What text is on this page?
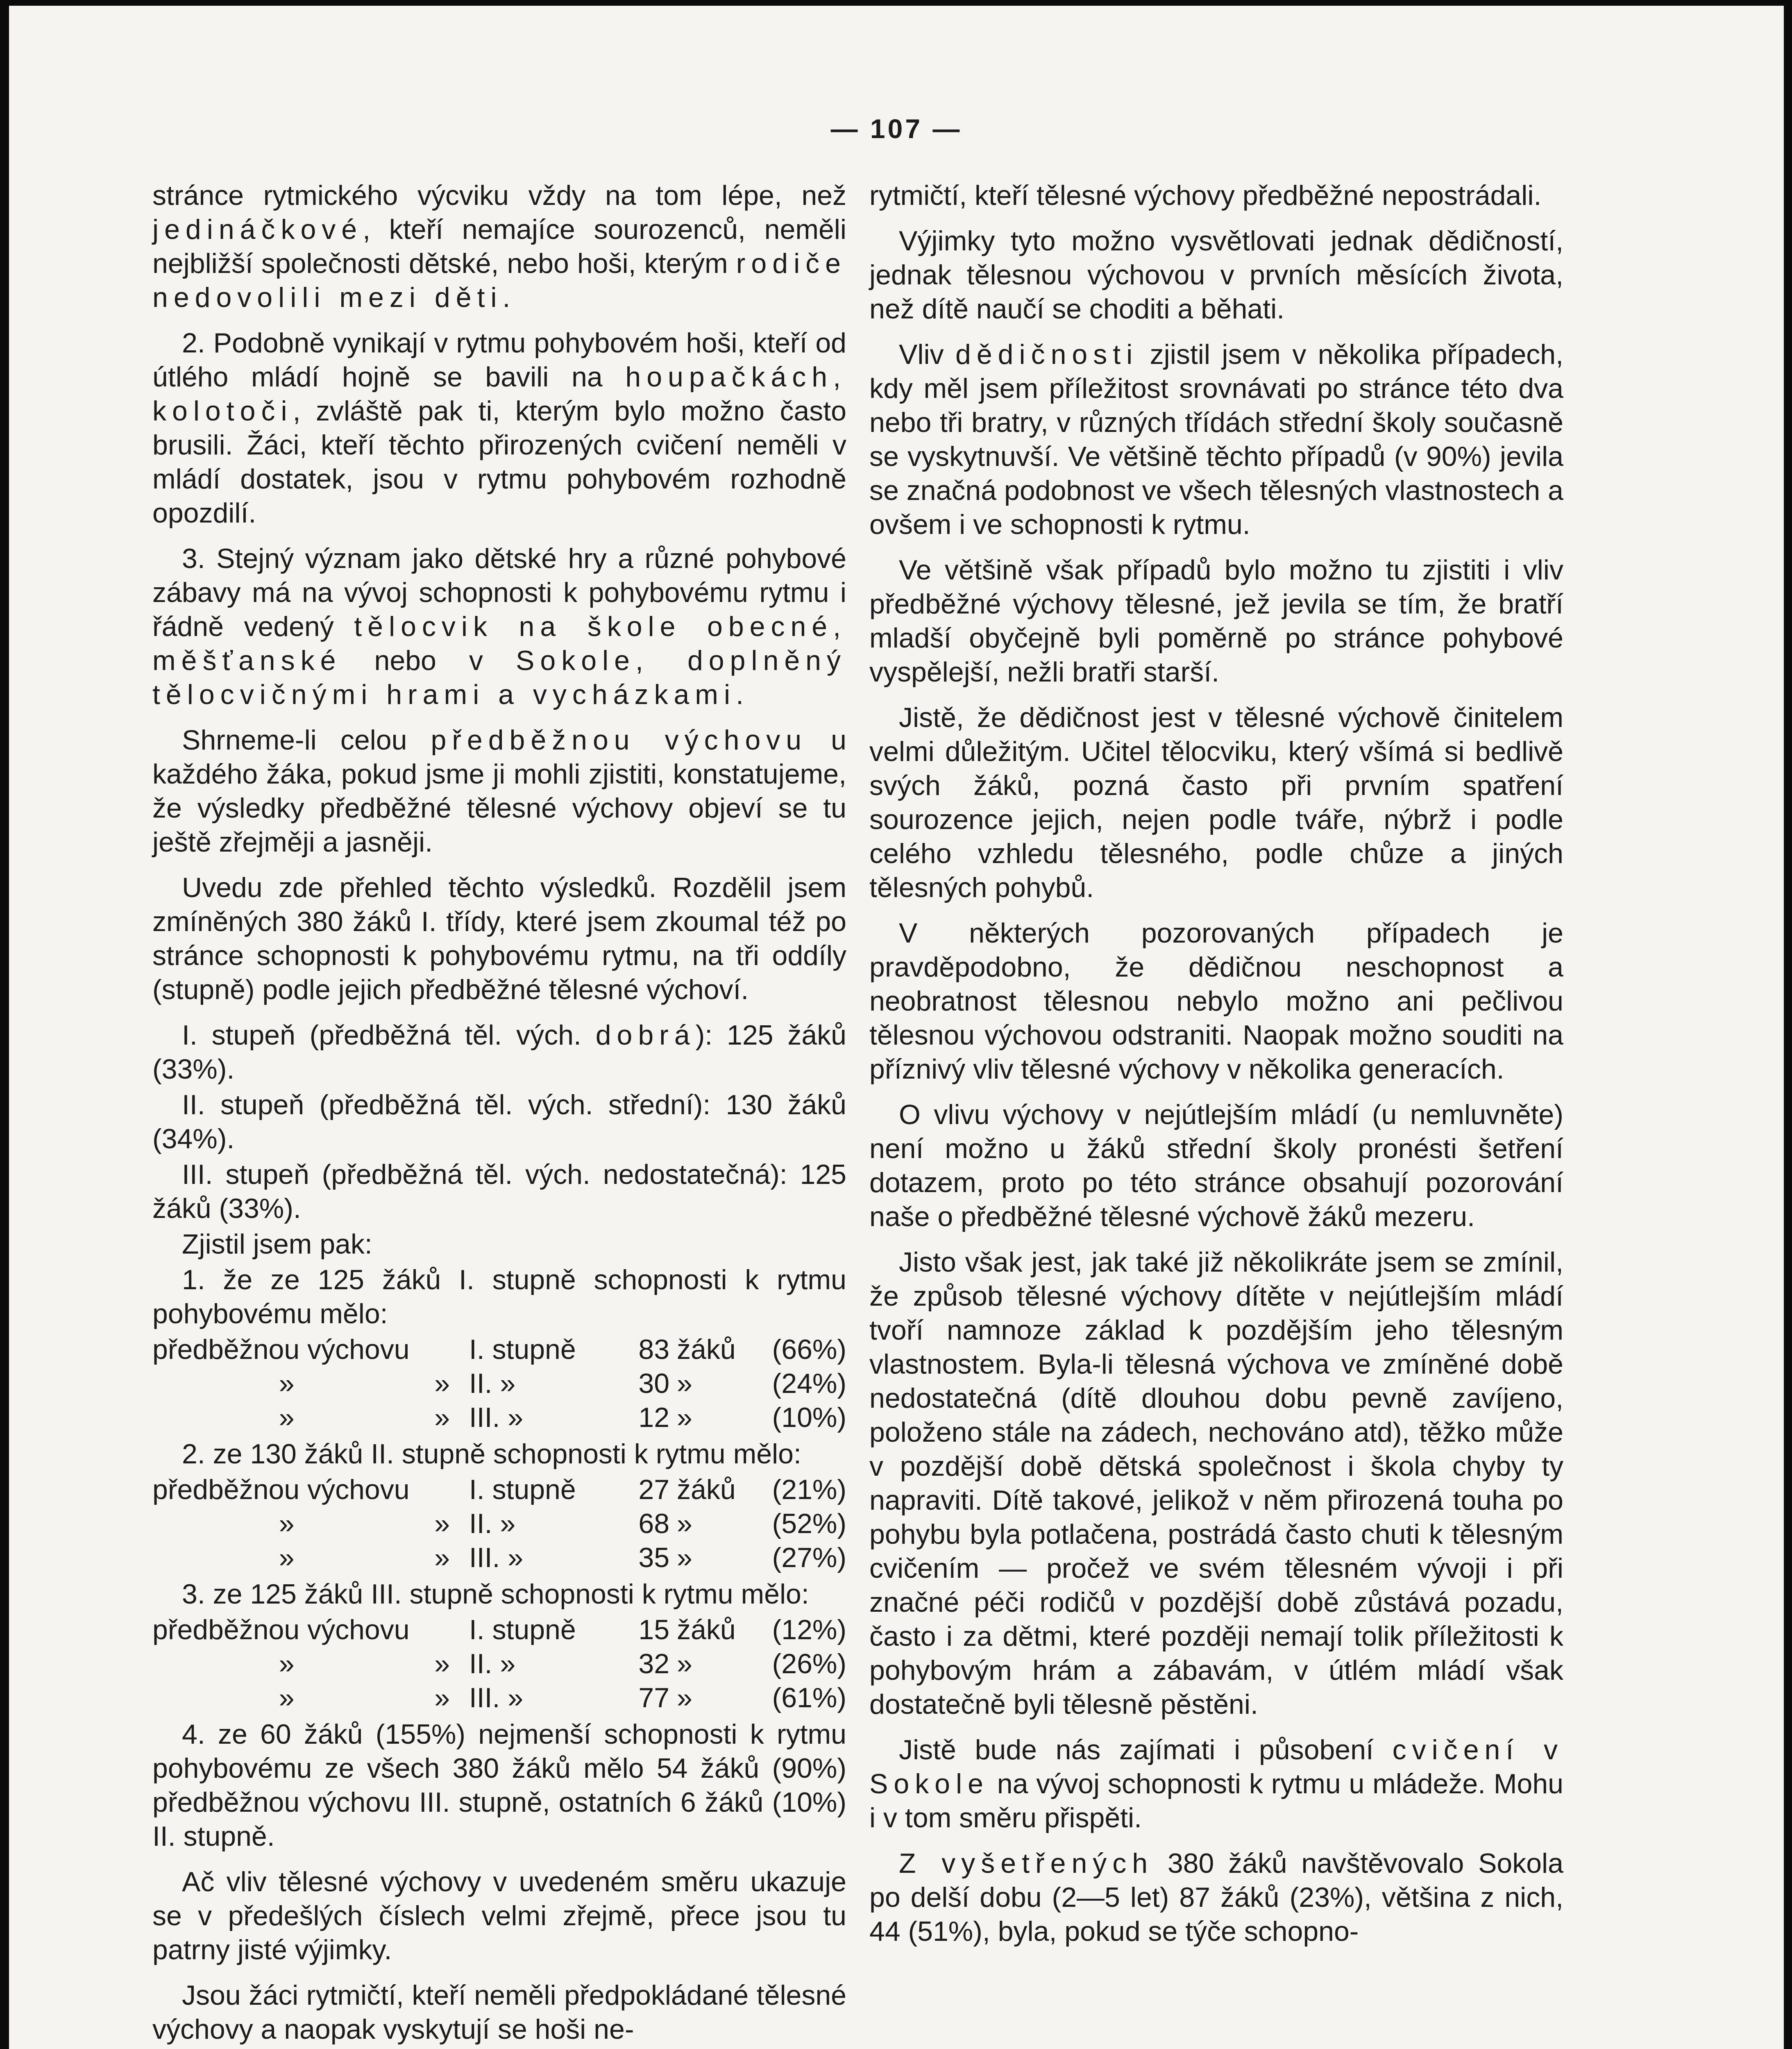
— 107 —

stránce rytmického výcviku vždy na tom lépe, než jedináčkové, kteří nemajíce sourozenců, neměli nejbližší společnosti dětské, nebo hoši, kterým rodiče nedovolili mezi děti.

2. Podobně vynikají v rytmu pohybovém hoši, kteří od útlého mládí hojně se bavili na houpačkách, kolotoči, zvláště pak ti, kterým bylo možno často brusili. Žáci, kteří těchto přirozených cvičení neměli v mládí dostatek, jsou v rytmu pohybovém rozhodně opozdilí.

3. Stejný význam jako dětské hry a různé pohybové zábavy má na vývoj schopnosti k pohybovému rytmu i řádně vedený tělocvik na škole obecné, měšťanské nebo v Sokole, doplněný tělocvičnými hrami a vycházkami.

Shrneme-li celou předběžnou výchovu u každého žáka, pokud jsme ji mohli zjistiti, konstatujeme, že výsledky předběžné tělesné výchovy objeví se tu ještě zřejměji a jasněji.

Uvedu zde přehled těchto výsledků. Rozdělil jsem zmíněných 380 žáků I. třídy, které jsem zkoumal též po stránce schopnosti k pohybovému rytmu, na tři oddíly (stupně) podle jejich předběžné tělesné výchoví.

I. stupeň (předběžná těl. vých. dobrá): 125 žáků (33%).

II. stupeň (předběžná těl. vých. střední): 130 žáků (34%).

III. stupeň (předběžná těl. vých. nedostatečná): 125 žáků (33%).

Zjistil jsem pak:

1. že ze 125 žáků I. stupně schopnosti k rytmu pohybovému mělo:

předběžnou výchovu		I. stupně	83	žáků	(66%)
»	»	II. »	30	»	(24%)
»	»	III. »	12	»	(10%)

2. ze 130 žáků II. stupně schopnosti k rytmu mělo:

předběžnou výchovu		I. stupně	27	žáků	(21%)
»	»	II. »	68	»	(52%)
»	»	III. »	35	»	(27%)

3. ze 125 žáků III. stupně schopnosti k rytmu mělo:

předběžnou výchovu		I. stupně	15	žáků	(12%)
»	»	II. »	32	»	(26%)
»	»	III. »	77	»	(61%)

4. ze 60 žáků (155%) nejmenší schopnosti k rytmu pohybovému ze všech 380 žáků mělo 54 žáků (90%) předběžnou výchovu III. stupně, ostatních 6 žáků (10%) II. stupně.

Ač vliv tělesné výchovy v uvedeném směru ukazuje se v předešlých číslech velmi zřejmě, přece jsou tu patrny jisté výjimky.

Jsou žáci rytmičtí, kteří neměli předpokládané tělesné výchovy a naopak vyskytují se hoši ne-

rytmičtí, kteří tělesné výchovy předběžné nepostrádali.

Výjimky tyto možno vysvětlovati jednak dědičností, jednak tělesnou výchovou v prvních měsících života, než dítě naučí se choditi a běhati.

Vliv dědičnosti zjistil jsem v několika případech, kdy měl jsem příležitost srovnávati po stránce této dva nebo tři bratry, v různých třídách střední školy současně se vyskytnuvší. Ve většině těchto případů (v 90%) jevila se značná podobnost ve všech tělesných vlastnostech a ovšem i ve schopnosti k rytmu.

Ve většině však případů bylo možno tu zjistiti i vliv předběžné výchovy tělesné, jež jevila se tím, že bratří mladší obyčejně byli poměrně po stránce pohybové vyspělejší, nežli bratři starší.

Jistě, že dědičnost jest v tělesné výchově činitelem velmi důležitým. Učitel tělocviku, který všímá si bedlivě svých žáků, pozná často při prvním spatření sourozence jejich, nejen podle tváře, nýbrž i podle celého vzhledu tělesného, podle chůze a jiných tělesných pohybů.

V některých pozorovaných případech je pravděpodobno, že dědičnou neschopnost a neobratnost tělesnou nebylo možno ani pečlivou tělesnou výchovou odstraniti. Naopak možno souditi na příznivý vliv tělesné výchovy v několika generacích.

O vlivu výchovy v nejútlejším mládí (u nemluvněte) není možno u žáků střední školy pronésti šetření dotazem, proto po této stránce obsahují pozorování naše o předběžné tělesné výchově žáků mezeru.

Jisto však jest, jak také již několikráte jsem se zmínil, že způsob tělesné výchovy dítěte v nejútlejším mládí tvoří namnoze základ k pozdějším jeho tělesným vlastnostem. Byla-li tělesná výchova ve zmíněné době nedostatečná (dítě dlouhou dobu pevně zavíjeno, položeno stále na zádech, nechováno atd), těžko může v pozdější době dětská společnost i škola chyby ty napraviti. Dítě takové, jelikož v něm přirozená touha po pohybu byla potlačena, postrádá často chuti k tělesným cvičením — pročež ve svém tělesném vývoji i při značné péči rodičů v pozdější době zůstává pozadu, často i za dětmi, které později nemají tolik příležitosti k pohybovým hrám a zábavám, v útlém mládí však dostatečně byli tělesně pěstěni.

Jistě bude nás zajímati i působení cvičení v Sokole na vývoj schopnosti k rytmu u mládeže. Mohu i v tom směru přispěti.

Z vyšetřených 380 žáků navštěvovalo Sokola po delší dobu (2—5 let) 87 žáků (23%), většina z nich, 44 (51%), byla, pokud se týče schopno-
